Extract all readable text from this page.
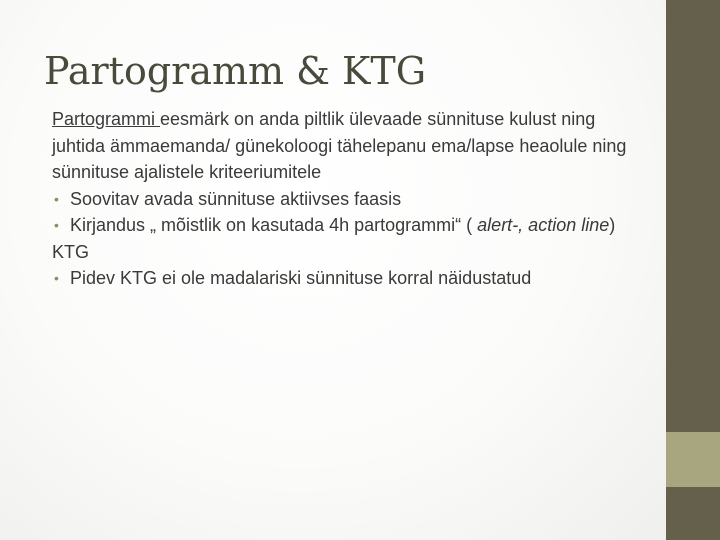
Partogramm & KTG

Partogrammi eesmärk on anda piltlik ülevaade sünnituse kulust ning juhtida ämmaemanda/ günekoloogi tähelepanu ema/lapse heaolule ning sünnituse ajalistele kriteeriumitele

• Soovitav avada sünnituse aktiivses faasis

• Kirjandus „ mõistlik on kasutada 4h partogrammi“ ( alert-, action line)

KTG

• Pidev KTG ei ole madalariski sünnituse korral näidustatud
